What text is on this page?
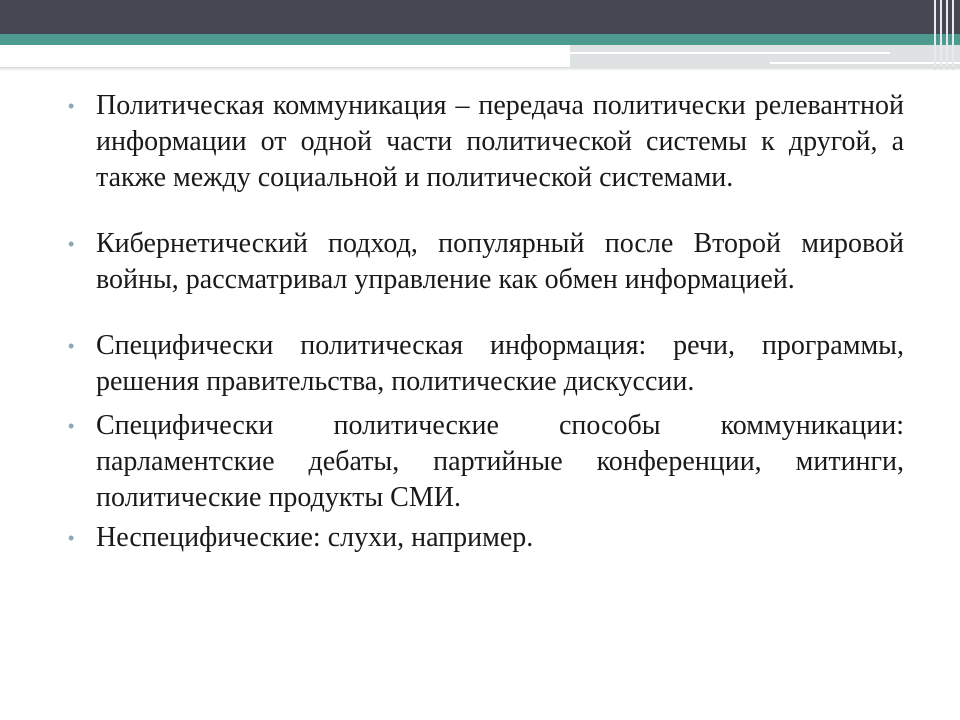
• Политическая коммуникация – передача политически релевантной информации от одной части политической системы к другой, а также между социальной и политической системами.
• Кибернетический подход, популярный после Второй мировой войны, рассматривал управление как обмен информацией.
• Специфически политическая информация: речи, программы, решения правительства, политические дискуссии.
• Специфически политические способы коммуникации: парламентские дебаты, партийные конференции, митинги, политические продукты СМИ.
• Неспецифические: слухи, например.
